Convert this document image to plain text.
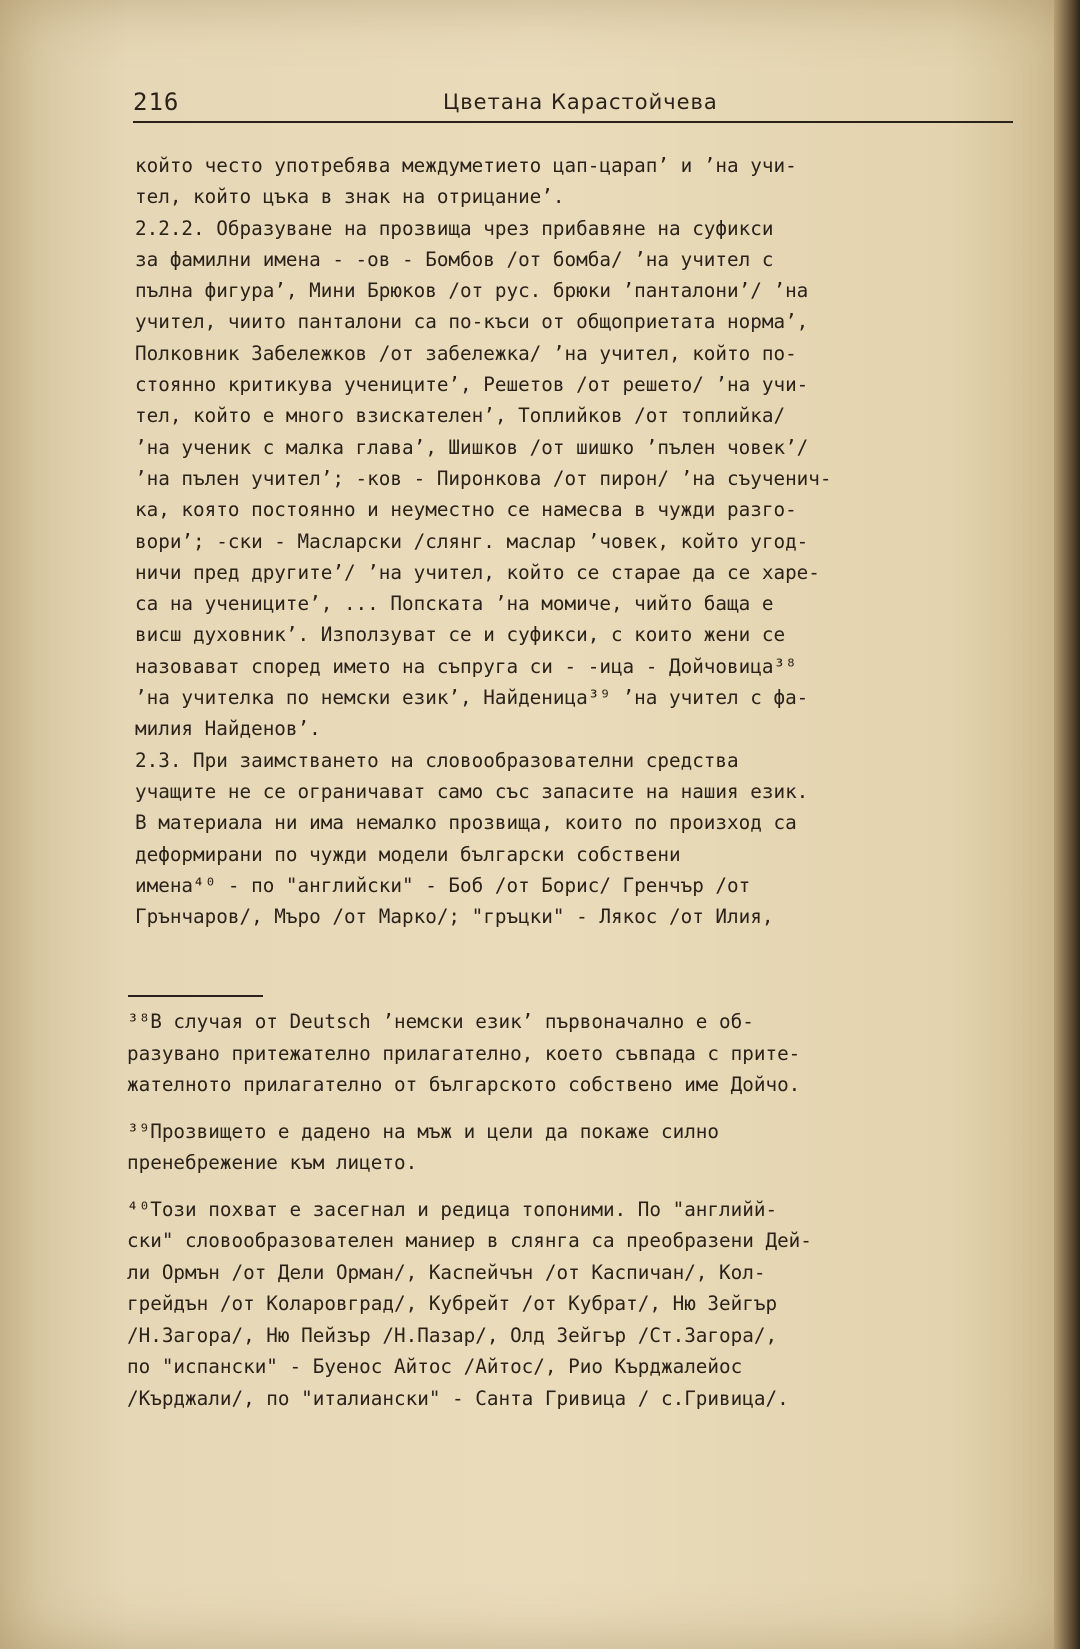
216	Цветана Карастойчева
който често употребява междуметието цап-царап’ и ’на учи-
тел, който цъка в знак на отрицание’.
2.2.2. Образуване на прозвища чрез прибавяне на суфикси
за фамилни имена - -ов - Бомбов /от бомба/ ’на учител с
пълна фигура’, Мини Брюков /от рус. брюки ’панталони’/ ’на
учител, чиито панталони са по-къси от общоприетата норма’,
Полковник Забележков /от забележка/ ’на учител, който по-
стоянно критикува учениците’, Решетов /от решето/ ’на учи-
тел, който е много взискателен’, Топлийков /от топлийка/
’на ученик с малка глава’, Шишков /от шишко ’пълен човек’/
’на пълен учител’; -ков - Пиронкова /от пирон/ ’на съученич-
ка, която постоянно и неуместно се намесва в чужди разго-
вори’; -ски - Масларски /слянг. маслар ’човек, който угод-
ничи пред другите’/ ’на учител, който се старае да се харе-
са на учениците’, ... Попската ’на момиче, чийто баща е
висш духовник’. Използуват се и суфикси, с които жени се
назовават според името на съпруга си - -ица - Дойчовица³⁸
’на учителка по немски език’, Найденица³⁹ ’на учител с фа-
милия Найденов’.
2.3. При заимстването на словообразователни средства
учащите не се ограничават само със запасите на нашия език.
В материала ни има немалко прозвища, които по произход са
деформирани по чужди модели български собствени
имена⁴⁰ - по "английски" - Боб /от Борис/ Гренчър /от
Грънчаров/, Мъро /от Марко/; "гръцки" - Лякос /от Илия,
³⁸В случая от Deutsch ’немски език’ първоначално е об-
разувано притежателно прилагателно, което съвпада с прите-
жателното прилагателно от българското собствено име Дойчо.
³⁹Прозвището е дадено на мъж и цели да покаже силно
пренебрежение към лицето.
⁴⁰Този похват е засегнал и редица топоними. По "английй-
ски" словообразователен маниер в слянга са преобразени Дей-
ли Ормън /от Дели Орман/, Каспейчън /от Каспичан/, Кол-
грейдън /от Коларовград/, Кубрейт /от Кубрат/, Ню Зейгър
/Н.Загора/, Ню Пейзър /Н.Пазар/, Олд Зейгър /Ст.Загора/,
по "испански" - Буенос Айтос /Айтос/, Рио Кърджалейос
/Кърджали/, по "италиански" - Санта Гривица / с.Гривица/.
